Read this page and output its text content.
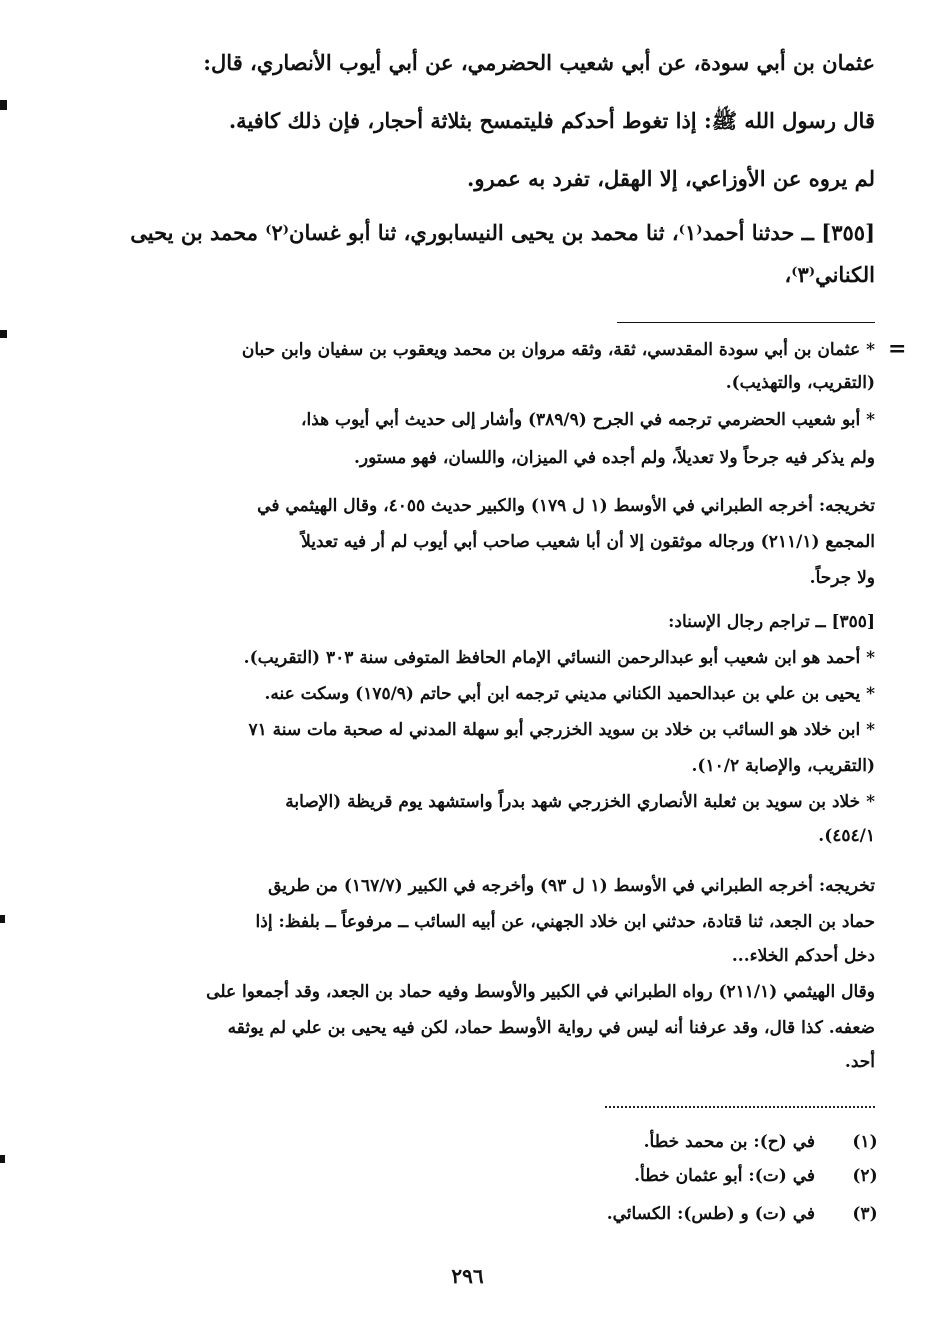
عثمان بن أبي سودة، عن أبي شعيب الحضرمي، عن أبي أيوب الأنصاري، قال:
قال رسول الله ﷺ: إذا تغوط أحدكم فليتمسح بثلاثة أحجار، فإن ذلك كافية.
لم يروه عن الأوزاعي، إلا الهقل، تفرد به عمرو.
[٣٥٥] ــ حدثنا أحمد⁽١⁾، ثنا محمد بن يحيى النيسابوري، ثنا أبو غسان⁽٢⁾ محمد بن يحيى
الكناني⁽٣⁾،
=
* عثمان بن أبي سودة المقدسي، ثقة، وثقه مروان بن محمد ويعقوب بن سفيان وابن حبان
(التقريب، والتهذيب).
* أبو شعيب الحضرمي ترجمه في الجرح (٣٨٩/٩) وأشار إلى حديث أبي أيوب هذا،
ولم يذكر فيه جرحاً ولا تعديلاً، ولم أجده في الميزان، واللسان، فهو مستور.
تخريجه: أخرجه الطبراني في الأوسط (١ ل ١٧٩) والكبير حديث ٤٠٥٥، وقال الهيثمي في
المجمع (٢١١/١) ورجاله موثقون إلا أن أبا شعيب صاحب أبي أيوب لم أر فيه تعديلاً
ولا جرحاً.
[٣٥٥] ــ تراجم رجال الإسناد:
* أحمد هو ابن شعيب أبو عبدالرحمن النسائي الإمام الحافظ المتوفى سنة ٣٠٣ (التقريب).
* يحيى بن علي بن عبدالحميد الكناني مديني ترجمه ابن أبي حاتم (١٧٥/٩) وسكت عنه.
* ابن خلاد هو السائب بن خلاد بن سويد الخزرجي أبو سهلة المدني له صحبة مات سنة ٧١
(التقريب، والإصابة ١٠/٢).
* خلاد بن سويد بن ثعلبة الأنصاري الخزرجي شهد بدراً واستشهد يوم قريظة (الإصابة
٤٥٤/١).
تخريجه: أخرجه الطبراني في الأوسط (١ ل ٩٣) وأخرجه في الكبير (١٦٧/٧) من طريق
حماد بن الجعد، ثنا قتادة، حدثني ابن خلاد الجهني، عن أبيه السائب ــ مرفوعاً ــ بلفظ: إذا
دخل أحدكم الخلاء...
وقال الهيثمي (٢١١/١) رواه الطبراني في الكبير والأوسط وفيه حماد بن الجعد، وقد أجمعوا على
ضعفه. كذا قال، وقد عرفنا أنه ليس في رواية الأوسط حماد، لكن فيه يحيى بن علي لم يوثقه
أحد.
(١)
في (ح): بن محمد خطأ.
(٢)
في (ت): أبو عثمان خطأ.
(٣)
في (ت) و (طس): الكسائي.
٢٩٦
